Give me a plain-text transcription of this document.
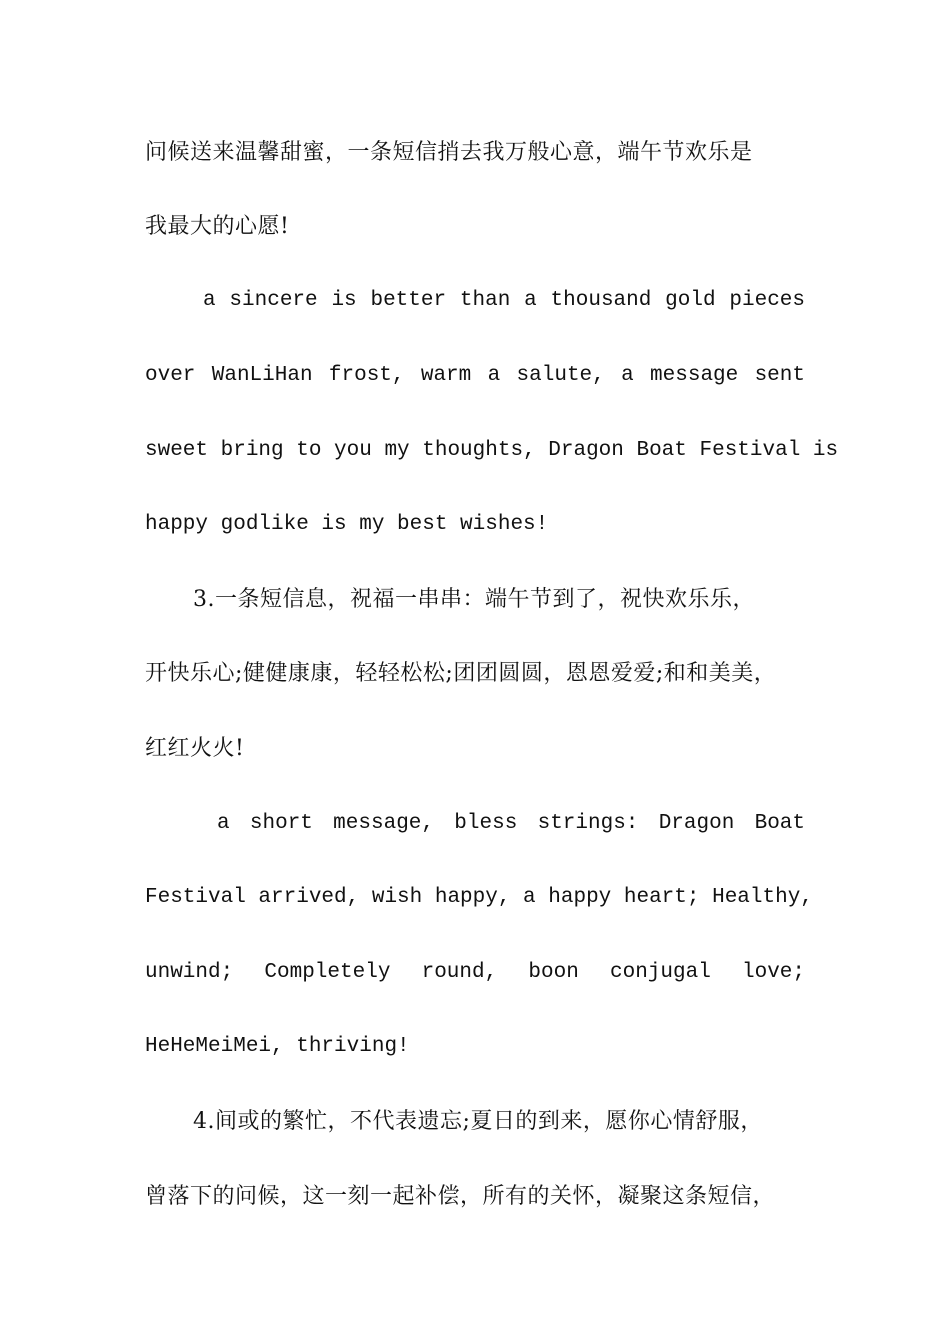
问候送来温馨甜蜜，一条短信捎去我万般心意，端午节欢乐是
我最大的心愿!
a sincere is better than a thousand gold pieces
over WanLiHan frost, warm a salute, a message sent
sweet bring to you my thoughts, Dragon Boat Festival is
happy godlike is my best wishes!
3.一条短信息，祝福一串串：端午节到了，祝快欢乐乐，
开快乐心;健健康康，轻轻松松;团团圆圆，恩恩爱爱;和和美美，
红红火火!
a short message, bless strings: Dragon Boat
Festival arrived, wish happy, a happy heart; Healthy,
unwind; Completely round, boon conjugal love;
HeHeMeiMei, thriving!
4.间或的繁忙，不代表遗忘;夏日的到来，愿你心情舒服，
曾落下的问候，这一刻一起补偿，所有的关怀，凝聚这条短信，
